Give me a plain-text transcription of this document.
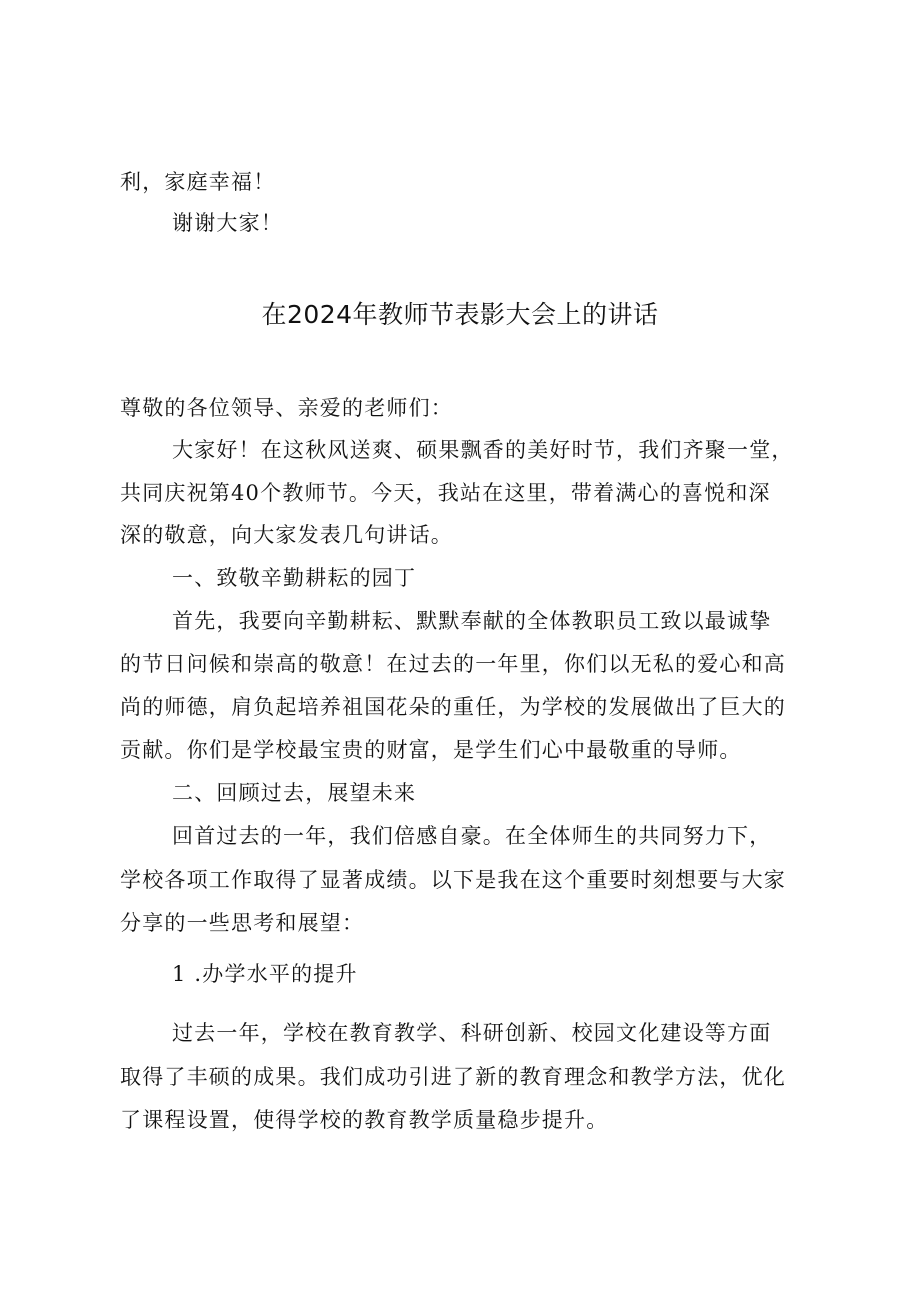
利，家庭幸福！
谢谢大家！
在2024年教师节表影大会上的讲话
尊敬的各位领导、亲爱的老师们：
大家好！在这秋风送爽、硕果飘香的美好时节，我们齐聚一堂，
共同庆祝第40个教师节。今天，我站在这里，带着满心的喜悦和深
深的敬意，向大家发表几句讲话。
一、致敬辛勤耕耘的园丁
首先，我要向辛勤耕耘、默默奉献的全体教职员工致以最诚挚
的节日问候和崇高的敬意！在过去的一年里，你们以无私的爱心和高
尚的师德，肩负起培养祖国花朵的重任，为学校的发展做出了巨大的
贡献。你们是学校最宝贵的财富，是学生们心中最敬重的导师。
二、回顾过去，展望未来
回首过去的一年，我们倍感自豪。在全体师生的共同努力下，
学校各项工作取得了显著成绩。以下是我在这个重要时刻想要与大家
分享的一些思考和展望：
1 .办学水平的提升
过去一年，学校在教育教学、科研创新、校园文化建设等方面
取得了丰硕的成果。我们成功引进了新的教育理念和教学方法，优化
了课程设置，使得学校的教育教学质量稳步提升。
